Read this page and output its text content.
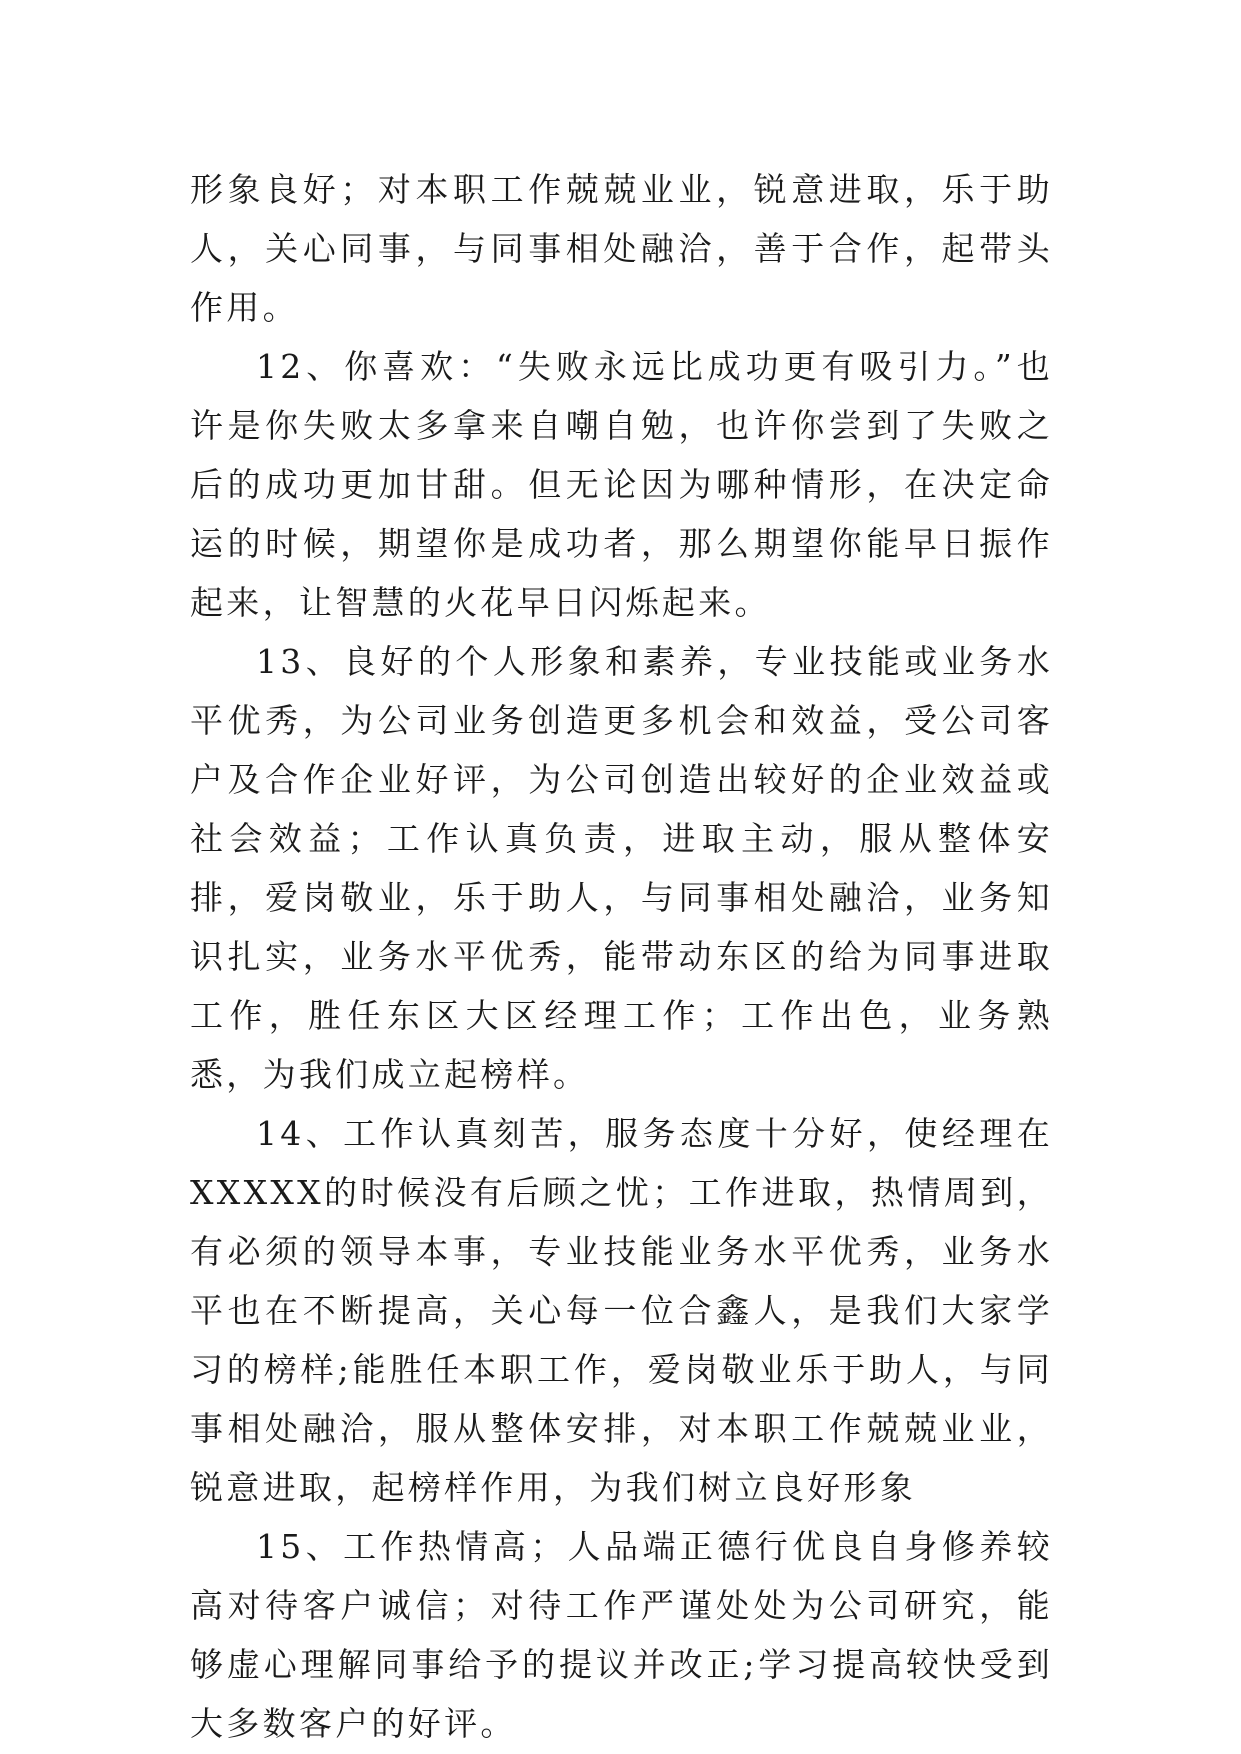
形象良好；对本职工作兢兢业业，锐意进取，乐于助人，关心同事，与同事相处融洽，善于合作，起带头作用。

12、你喜欢：“失败永远比成功更有吸引力。”也许是你失败太多拿来自嘲自勉，也许你尝到了失败之后的成功更加甘甜。但无论因为哪种情形，在决定命运的时候，期望你是成功者，那么期望你能早日振作起来，让智慧的火花早日闪烁起来。

13、良好的个人形象和素养，专业技能或业务水平优秀，为公司业务创造更多机会和效益，受公司客户及合作企业好评，为公司创造出较好的企业效益或社会效益；工作认真负责，进取主动，服从整体安排，爱岗敬业，乐于助人，与同事相处融洽，业务知识扎实，业务水平优秀，能带动东区的给为同事进取工作，胜任东区大区经理工作；工作出色，业务熟悉，为我们成立起榜样。

14、工作认真刻苦，服务态度十分好，使经理在XXXXX的时候没有后顾之忧；工作进取，热情周到，有必须的领导本事，专业技能业务水平优秀，业务水平也在不断提高，关心每一位合鑫人，是我们大家学习的榜样;能胜任本职工作，爱岗敬业乐于助人，与同事相处融洽，服从整体安排，对本职工作兢兢业业，锐意进取，起榜样作用，为我们树立良好形象

15、工作热情高；人品端正德行优良自身修养较高对待客户诚信；对待工作严谨处处为公司研究，能够虚心理解同事给予的提议并改正;学习提高较快受到大多数客户的好评。
